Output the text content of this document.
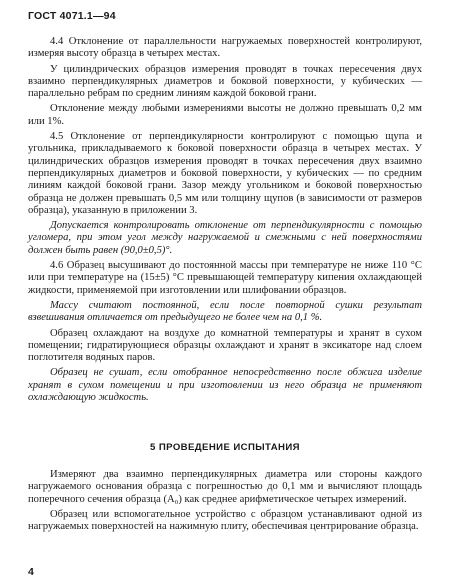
ГОСТ 4071.1—94

4.4 Отклонение от параллельности нагружаемых поверхностей контролируют, измеряя высоту образца в четырех местах.

У цилиндрических образцов измерения проводят в точках пересечения двух взаимно перпендикулярных диаметров и боковой поверхности, у кубических — параллельно ребрам по средним линиям каждой боковой грани.

Отклонение между любыми измерениями высоты не должно превышать 0,2 мм или 1%.

4.5 Отклонение от перпендикулярности контролируют с помощью щупа и угольника, прикладываемого к боковой поверхности образца в четырех местах. У цилиндрических образцов измерения проводят в точках пересечения двух взаимно перпендикулярных диаметров и боковой поверхности, у кубических — по средним линиям каждой боковой грани. Зазор между угольником и боковой поверхностью образца не должен превышать 0,5 мм или толщину щупов (в зависимости от размеров образца), указанную в приложении 3.

Допускается контролировать отклонение от перпендикулярности с помощью угломера, при этом угол между нагружаемой и смежными с ней поверхностями должен быть равен (90,0±0,5)°.

4.6 Образец высушивают до постоянной массы при температуре не ниже 110 °С или при температуре на (15±5) °С превышающей температуру кипения охлаждающей жидкости, применяемой при изготовлении или шлифовании образцов.

Массу считают постоянной, если после повторной сушки результат взвешивания отличается от предыдущего не более чем на 0,1 %.

Образец охлаждают на воздухе до комнатной температуры и хранят в сухом помещении; гидратирующиеся образцы охлаждают и хранят в эксикаторе над слоем поглотителя водяных паров.

Образец не сушат, если отобранное непосредственно после обжига изделие хранят в сухом помещении и при изготовлении из него образца не применяют охлаждающую жидкость.

5 ПРОВЕДЕНИЕ ИСПЫТАНИЯ

Измеряют два взаимно перпендикулярных диаметра или стороны каждого нагружаемого основания образца с погрешностью до 0,1 мм и вычисляют площадь поперечного сечения образца (A₀) как среднее арифметическое четырех измерений.

Образец или вспомогательное устройство с образцом устанавливают одной из нагружаемых поверхностей на нажимную плиту, обеспечивая центрирование образца.

4
